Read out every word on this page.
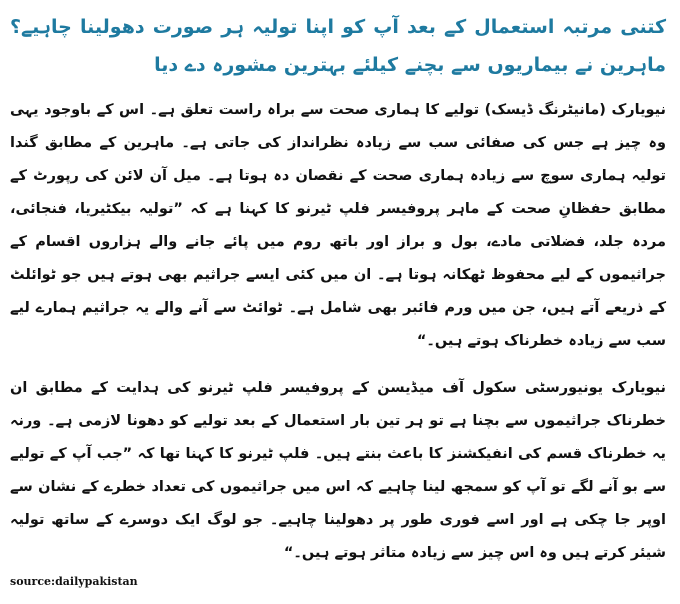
کتنی مرتبہ استعمال کے بعد آپ کو اپنا تولیہ ہر صورت دھولینا چاہیے؟ ماہرین نے بیماریوں سے بچنے کیلئے بہترین مشورہ دے دیا

نیویارک (مانیٹرنگ ڈیسک) تولیے کا ہماری صحت سے براہ راست تعلق ہے۔ اس کے باوجود یہی وہ چیز ہے جس کی صفائی سب سے زیادہ نظرانداز کی جاتی ہے۔ ماہرین کے مطابق گندا تولیہ ہماری سوچ سے زیادہ ہماری صحت کے نقصان دہ ہوتا ہے۔ میل آن لائن کی رپورٹ کے مطابق حفظانِ صحت کے ماہر پروفیسر فلپ ٹیرنو کا کہنا ہے کہ ”تولیہ بیکٹیریا، فنجائی، مردہ جلد، فضلاتی مادے، بول و براز اور باتھ روم میں پائے جانے والے ہزاروں اقسام کے جراثیموں کے لیے محفوظ ٹھکانہ ہوتا ہے۔ ان میں کئی ایسے جراثیم بھی ہوتے ہیں جو ٹوائلٹ کے ذریعے آتے ہیں، جن میں ورم فائبر بھی شامل ہے۔ ٹوائٹ سے آنے والے یہ جراثیم ہمارے لیے سب سے زیادہ خطرناک ہوتے ہیں۔“

نیویارک یونیورسٹی سکول آف میڈیسن کے پروفیسر فلپ ٹیرنو کی ہدایت کے مطابق ان خطرناک جراثیموں سے بچنا ہے تو ہر تین بار استعمال کے بعد تولیے کو دھونا لازمی ہے۔ ورنہ یہ خطرناک قسم کی انفیکشنز کا باعث بنتے ہیں۔ فلپ ٹیرنو کا کہنا تھا کہ ”جب آپ کے تولیے سے بو آنے لگے تو آپ کو سمجھ لینا چاہیے کہ اس میں جراثیموں کی تعداد خطرے کے نشان سے اوپر جا چکی ہے اور اسے فوری طور پر دھولینا چاہیے۔ جو لوگ ایک دوسرے کے ساتھ تولیہ شیئر کرتے ہیں وہ اس چیز سے زیادہ متاثر ہوتے ہیں۔“

source:dailypakistan
